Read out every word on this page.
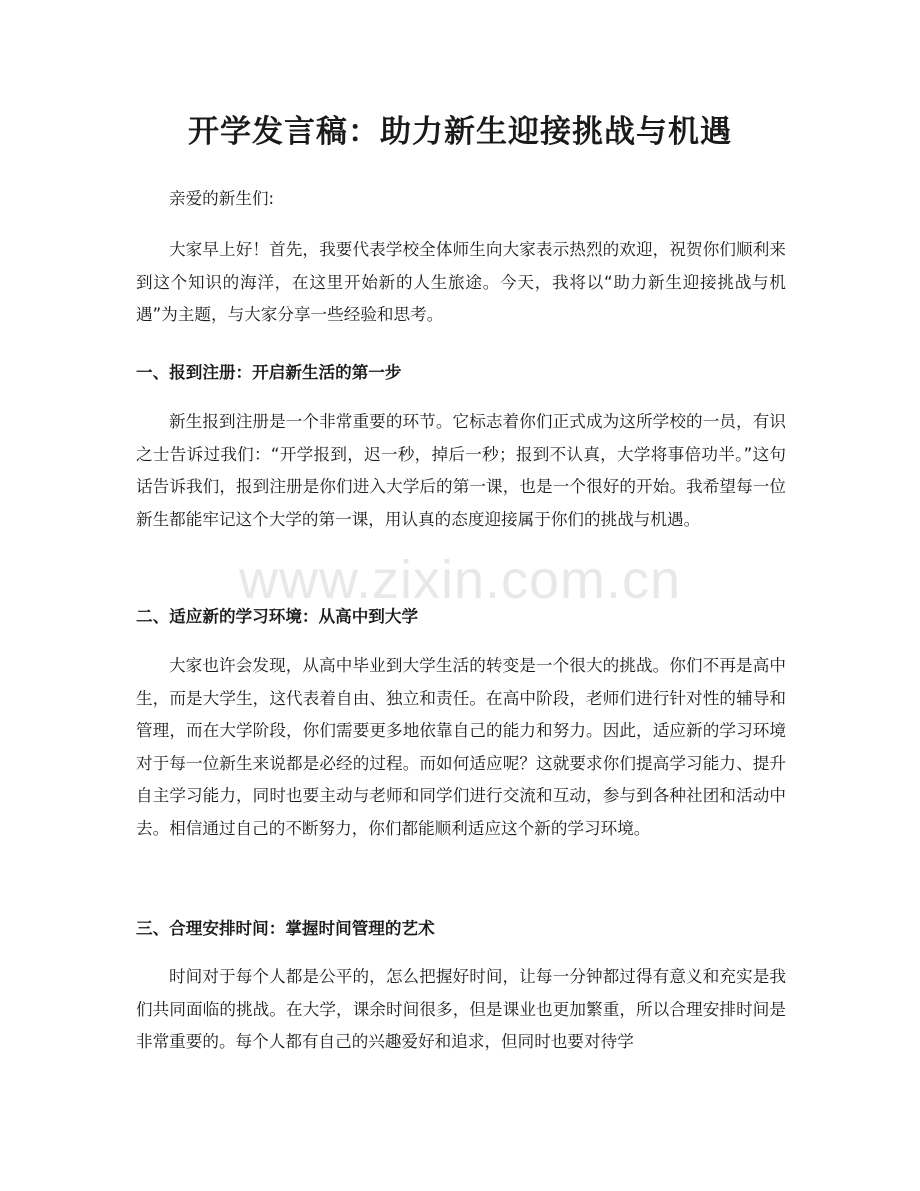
开学发言稿：助力新生迎接挑战与机遇

亲爱的新生们:

大家早上好！首先，我要代表学校全体师生向大家表示热烈的欢迎，祝贺你们顺利来到这个知识的海洋，在这里开始新的人生旅途。今天，我将以“助力新生迎接挑战与机遇”为主题，与大家分享一些经验和思考。

一、报到注册：开启新生活的第一步

新生报到注册是一个非常重要的环节。它标志着你们正式成为这所学校的一员，有识之士告诉过我们：“开学报到，迟一秒，掉后一秒；报到不认真，大学将事倍功半。”这句话告诉我们，报到注册是你们进入大学后的第一课，也是一个很好的开始。我希望每一位新生都能牢记这个大学的第一课，用认真的态度迎接属于你们的挑战与机遇。

二、适应新的学习环境：从高中到大学

大家也许会发现，从高中毕业到大学生活的转变是一个很大的挑战。你们不再是高中生，而是大学生，这代表着自由、独立和责任。在高中阶段，老师们进行针对性的辅导和管理，而在大学阶段，你们需要更多地依靠自己的能力和努力。因此，适应新的学习环境对于每一位新生来说都是必经的过程。而如何适应呢？这就要求你们提高学习能力、提升自主学习能力，同时也要主动与老师和同学们进行交流和互动，参与到各种社团和活动中去。相信通过自己的不断努力，你们都能顺利适应这个新的学习环境。

三、合理安排时间：掌握时间管理的艺术

时间对于每个人都是公平的，怎么把握好时间，让每一分钟都过得有意义和充实是我们共同面临的挑战。在大学，课余时间很多，但是课业也更加繁重，所以合理安排时间是非常重要的。每个人都有自己的兴趣爱好和追求，但同时也要对待学

www.zixin.com.cn
